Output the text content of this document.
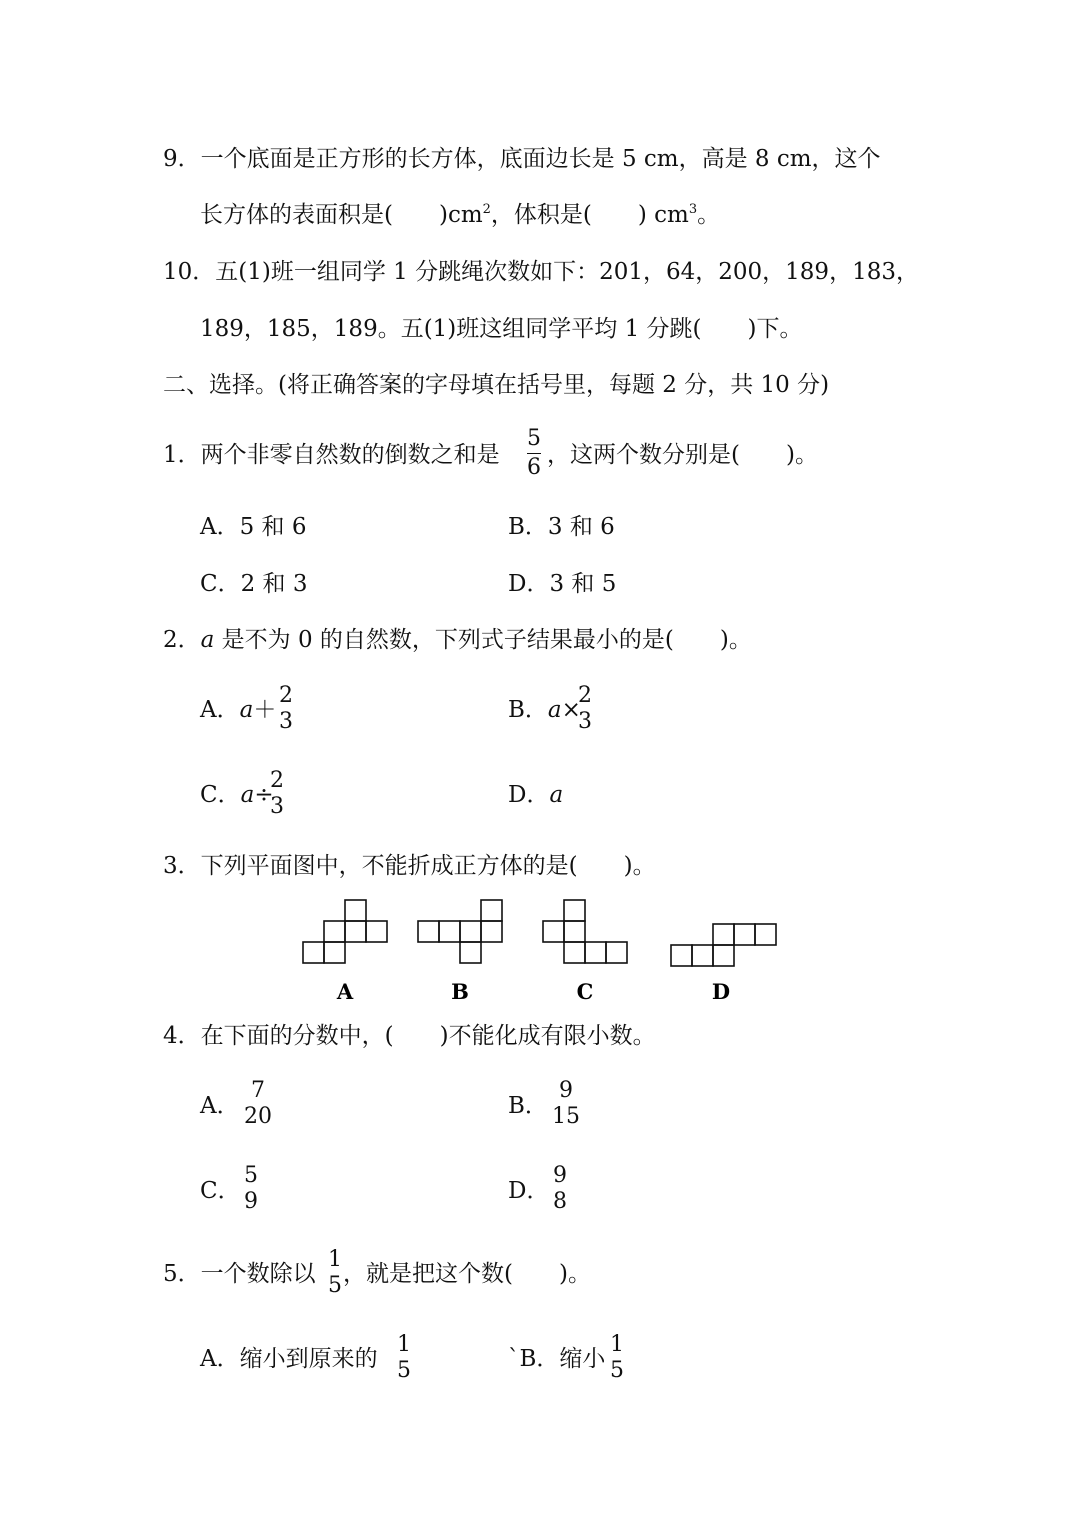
9．一个底面是正方形的长方体，底面边长是 5 cm，高是 8 cm，这个
长方体的表面积是(　　)$cm^2$，体积是(　　) $cm^3$。
10．五(1)班一组同学 1 分跳绳次数如下：201，64，200，189，183，
189，185，189。五(1)班这组同学平均 1 分跳(　　)下。
二、选择。(将正确答案的字母填在括号里，每题 2 分，共 10 分)
1．两个非零自然数的倒数之和是
5
6 ，这两个数分别是(　　)。
A．5 和 6	B．3 和 6
C．2 和 3	D．3 和 5
2．a 是不为 0 的自然数，下列式子结果最小的是(　　)。
A．a＋
2
3	B．a×
2
3
C．a÷
2
3	D．a
3．下列平面图中，不能折成正方体的是(　　)。
A	B	C	D
4．在下面的分数中，(　　)不能化成有限小数。
A．
7
20	B．
9
15
C．
5
9	D．
9
8
5．一个数除以
1
5 ，就是把这个数(　　)。
A．缩小到原来的
1
5	`B．缩小
1
5
